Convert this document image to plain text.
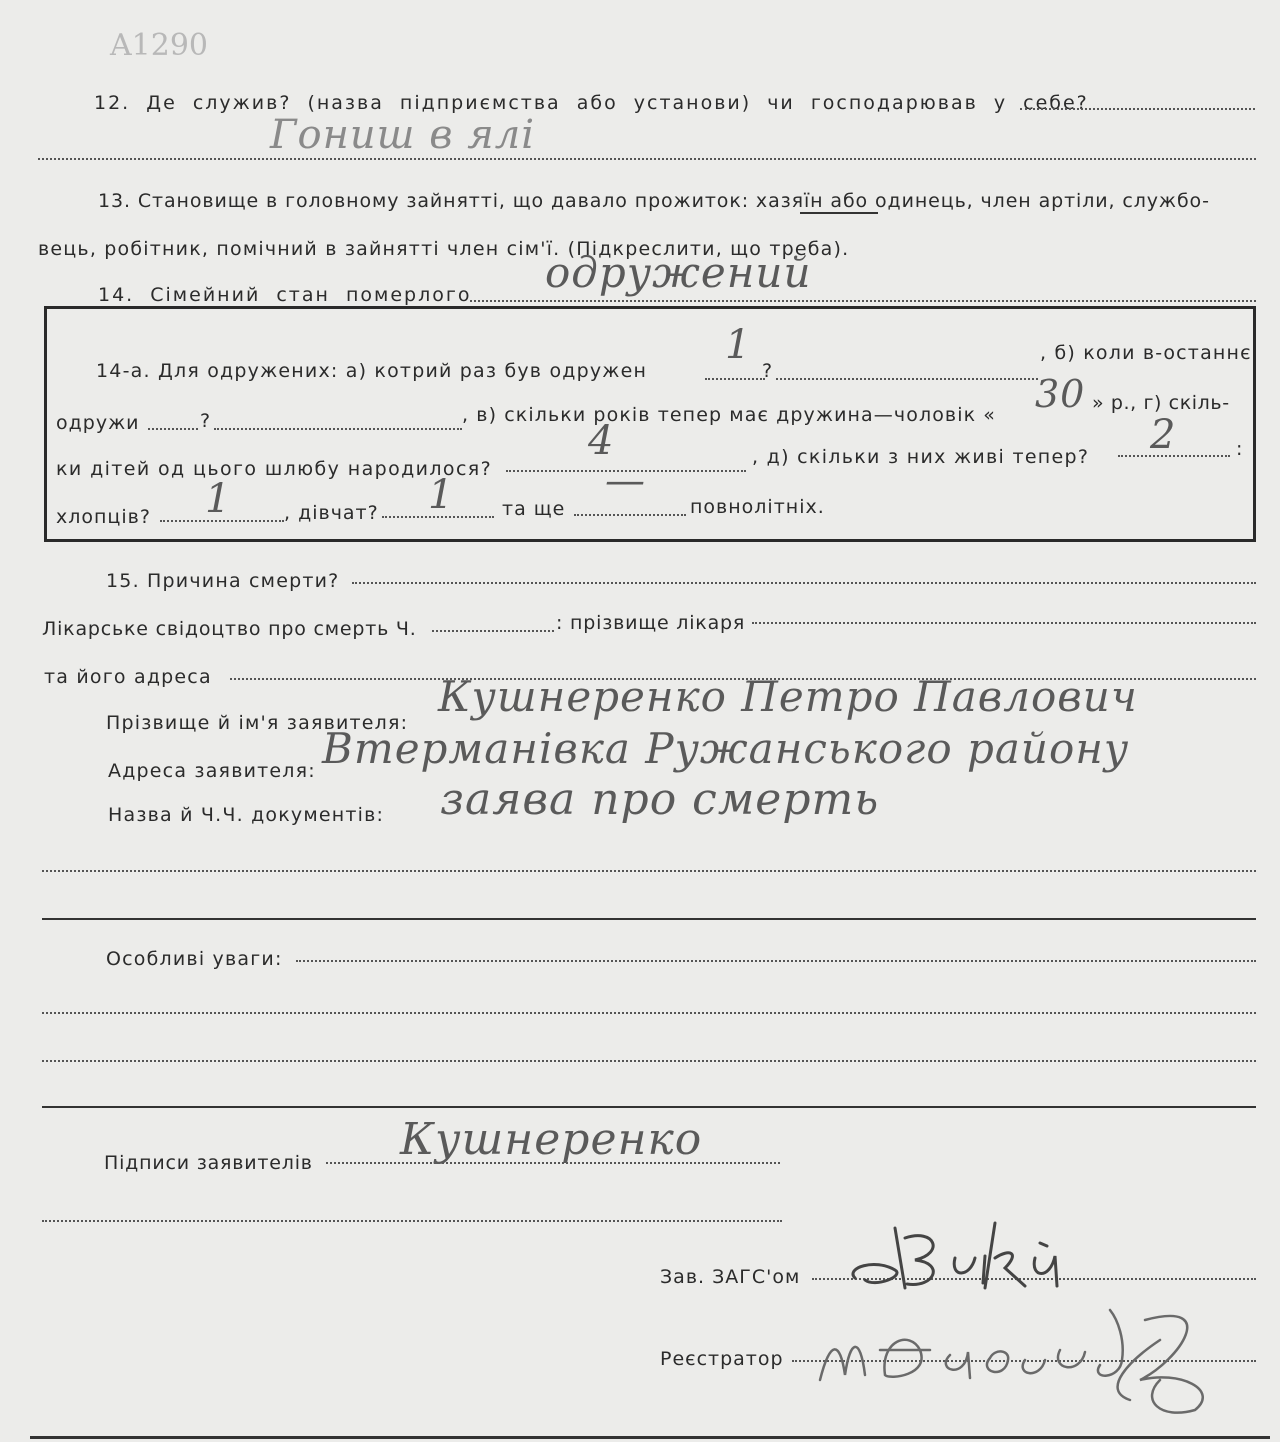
A1290
12. Де служив? (назва підприємства або установи) чи господарював у себе?
Гониш в ялі
13. Становище в головному зайнятті, що давало прожиток: хазяїн або одинець, член артіли, службо-
вець, робітник, помічний в зайнятті член сім'ї. (Підкреслити, що треба).
14. Сімейний стан померлого одружений
14-а. Для одружених: а) котрий раз був одружен	?
, б) коли в-останнє
1
одружи	?	, в) скільки років тепер має дружина—чоловік « 30 » р., г) скіль-
ки дітей од цього шлюбу народилося?
4	, д) скільки з них живі тепер? 2	:
хлопців? 1	, дівчат? 1	та ще
—
повнолітніх.
15. Причина смерти?
Лікарське свідоцтво про смерть Ч.	: прізвище лікаря
та його адреса
Прізвище й ім'я заявителя:
Кушнеренко Петро Павлович
Адреса заявителя: Втерманівка Ружанського району
Назва й Ч.Ч. документів: заява про смерть
Особливі уваги:
Підписи заявителів Кушнеренко
Зав. ЗАГС'ом
Реєстратор
